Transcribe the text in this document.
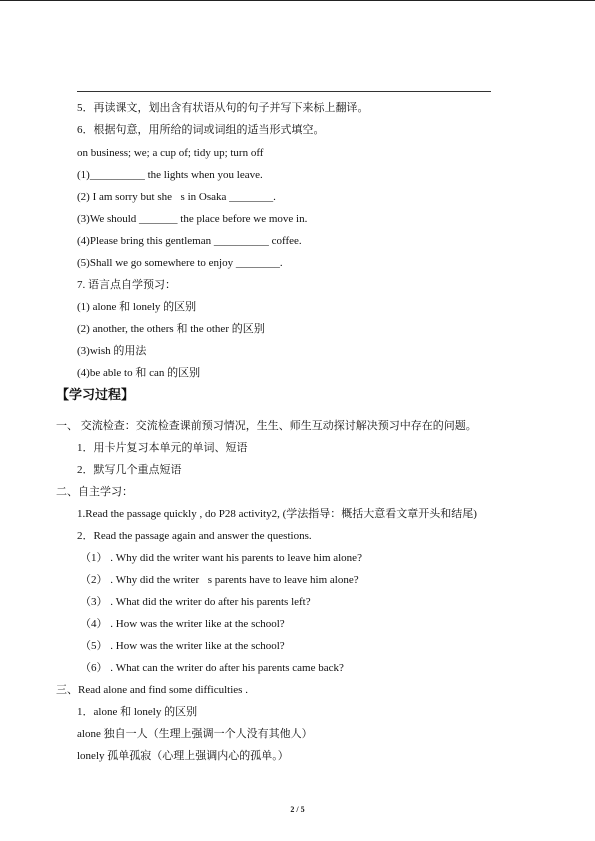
5．再读课文，划出含有状语从句的句子并写下来标上翻译。
6．根据句意，用所给的词或词组的适当形式填空。
on business; we; a cup of; tidy up; turn off
(1)__________ the lights when you leave.
(2) I am sorry but she s in Osaka ________.
(3)We should _______ the place before we move in.
(4)Please bring this gentleman __________ coffee.
(5)Shall we go somewhere to enjoy ________.
7. 语言点自学预习：
(1) alone 和 lonely 的区别
(2) another, the others 和 the other 的区别
(3)wish 的用法
(4)be able to 和 can 的区别
【学习过程】
一、 交流检查：交流检查课前预习情况，生生、师生互动探讨解决预习中存在的问题。
1．用卡片复习本单元的单词、短语
2．默写几个重点短语
二、自主学习：
1.Read the passage quickly , do P28 activity2, (学法指导：概括大意看文章开头和结尾)
2．Read the passage again and answer the questions.
（1） . Why did the writer want his parents to leave him alone?
（2） . Why did the writer s parents have to leave him alone?
（3） . What did the writer do after his parents left?
（4） . How was the writer like at the school?
（5） . How was the writer like at the school?
（6） . What can the writer do after his parents came back?
三、Read alone and find some difficulties .
1．alone 和 lonely 的区别
alone 独自一人（生理上强调一个人没有其他人）
lonely 孤单孤寂（心理上强调内心的孤单。）
2 / 5
